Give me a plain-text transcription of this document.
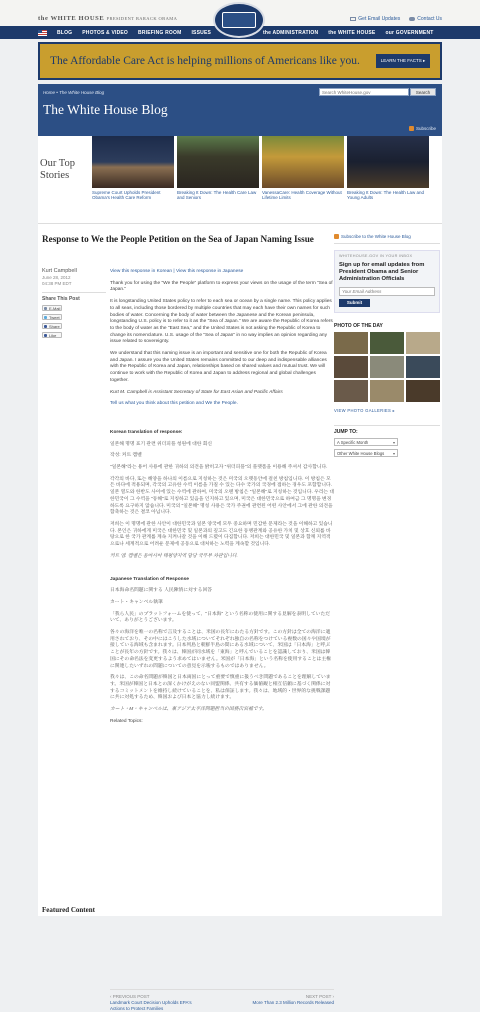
the WHITE HOUSE PRESIDENT BARACK OBAMA	Get Email Updates	Contact Us
BLOG PHOTOS & VIDEO BRIEFING ROOM ISSUES	the ADMINISTRATION the WHITE HOUSE our GOVERNMENT
The Affordable Care Act is helping millions of Americans like you.	LEARN THE FACTS ▸
Home • The White House Blog
The White House Blog
Search WhiteHouse.gov	Search
Subscribe
Our Top Stories
Supreme Court Upholds President Obama's Health Care Reform
Breaking It Down: The Health Care Law and Seniors
VanessaCare: Health Coverage Without Lifetime Limits
Breaking It Down: The Health Law and Young Adults
Response to We the People Petition on the Sea of Japan Naming Issue
Kurt Campbell
June 28, 2012
04:38 PM EDT
Share This Post
E-Mail
Tweet
Share
Like

View this response in Korean | View this response in Japanese

Thank you for using the "We the People" platform to express your views on the usage of the term "Sea of Japan."

It is longstanding United States policy to refer to each sea or ocean by a single name. This policy applies to all seas, including those bordered by multiple countries that may each have their own names for such bodies of water. Concerning the body of water between the Japanese and the Korean peninsula, longstanding U.S. policy is to refer to it as the "Sea of Japan." We are aware the Republic of Korea refers to the body of water as the "East Sea," and the United States is not asking the Republic of Korea to change its nomenclature. U.S. usage of the "Sea of Japan" in no way implies an opinion regarding any issue related to sovereignty.

We understand that this naming issue is an important and sensitive one for both the Republic of Korea and Japan. I assure you the United States remains committed to our deep and indispensable alliances with the Republic of Korea and Japan, relationships based on shared values and mutual trust. We will continue to work with the Republic of Korea and Japan to address regional and global challenges together.

Kurt M. Campbell is Assistant Secretary of State for East Asian and Pacific Affairs

Tell us what you think about this petition and We the People.

Korean translation of response:

일본해 명명 표기 관련 위더피플 청원에 대한 회신

작성: 커트 캠벨

"일본해"라는 용어 사용에 관한 귀하의 의견을 밝히고자 "위더피플"의 플랫폼을 이용해 주셔서 감사합니다.

각각의 바다, 또는 해양을 하나의 이름으로 지칭하는 것은 미국의 오랫동안에 걸친 방침입니다. 이 방침은 모든 바다에 적용되며, 각국의 고유한 수역 이름을 가질 수 있는 다수 국가의 국경에 접하는 경우도 포함합니다. 일본 열도와 한반도 사이에 있는 수역에 관하여, 미국의 오랜 방침은 "일본해"로 지칭하는 것입니다. 우리는 대한민국이 그 수역을 "동해"로 지칭하고 있음을 인지하고 있으며, 미국은 대한민국으로 하여금 그 명명을 변경하도록 요구하지 않습니다. 미국의 "일본해" 명칭 사용은 국가 주권에 관련된 어떤 사안에서 그에 관한 의견을 함축하는 것은 결코 아닙니다.

저희는 이 명명에 관한 사안이 대한민국과 일본 양국에 모두 중요하며 민감한 문제라는 것을 이해하고 있습니다. 본인은 귀하에게 미국은 대한민국 및 일본과의 깊고도 긴요한 동맹관계와 공유한 가치 및 상호 신뢰를 바탕으로 한 국가 관계를 계속 지켜나갈 것을 이해 드렸이 다짐합니다. 저희는 대한민국 및 일본과 함께 지역적으로나 세계적으로 어려운 문제에 공동으로 대처하는 노력을 계속할 것입니다.

커트 엠. 캠벨은 동아시아 태평양지역 담당 국무부 차관입니다.

Japanese Translation of Response

日本海命名問題に関する 人民陳情に対する回答

カート・キャンベル執筆

「我ら人民」のプラットフォームを使って、"日本海" という名称の使用に関する見解を表明していただいて、ありがとうございます。

各々の海洋を唯一の名称で言及することは、米国の長年にわたる方針です。この方針は全ての海洋に適用されており、その中にはこうした水域についてそれぞれ独自の名称をつけている複数の国々や国境が接している海域も含まれます。日本列島と朝鮮半島の間にある水域について、米国は「日本海」と呼ぶことが長年の方針です。我々は、韓国が同水域を「東海」と呼んでいることを認識しており、米国は韓国にその命名法を変更するよう求めてはいません。米国が「日本海」という名称を使用することは主権に関連したいずれの問題についての意見を示唆するものではありません。

我々は、この命名問題が韓国と日本両国にとって重要で慎重に扱うべき問題であることを理解しています。米国が韓国と日本との深くかけがえのない同盟関係、共有する価値観と相互信頼に基づく関係に対するコミットメントを維持し続けていることを、私は保証します。我々は、地域的・世界的な挑戦課題に共に対処するため、韓国および日本と協力し続けます。

カート・M・キャンベルは、東アジア太平洋問題担当の国務次官補です。

Related Topics:

‹ PREVIOUS POST
Landmark Court Decision Upholds EPA's Actions to Protect Families
NEXT POST ›
More Than 2.3 Million Records Released
Featured Content
Subscribe to the White House Blog
WHITEHOUSE.GOV IN YOUR INBOX
Sign up for email updates from President Obama and Senior Administration Officials
Your Email Address
Submit
PHOTO OF THE DAY
VIEW PHOTO GALLERIES ▸
JUMP TO:
A Specific Month	▾
Other White House Blogs ▾
